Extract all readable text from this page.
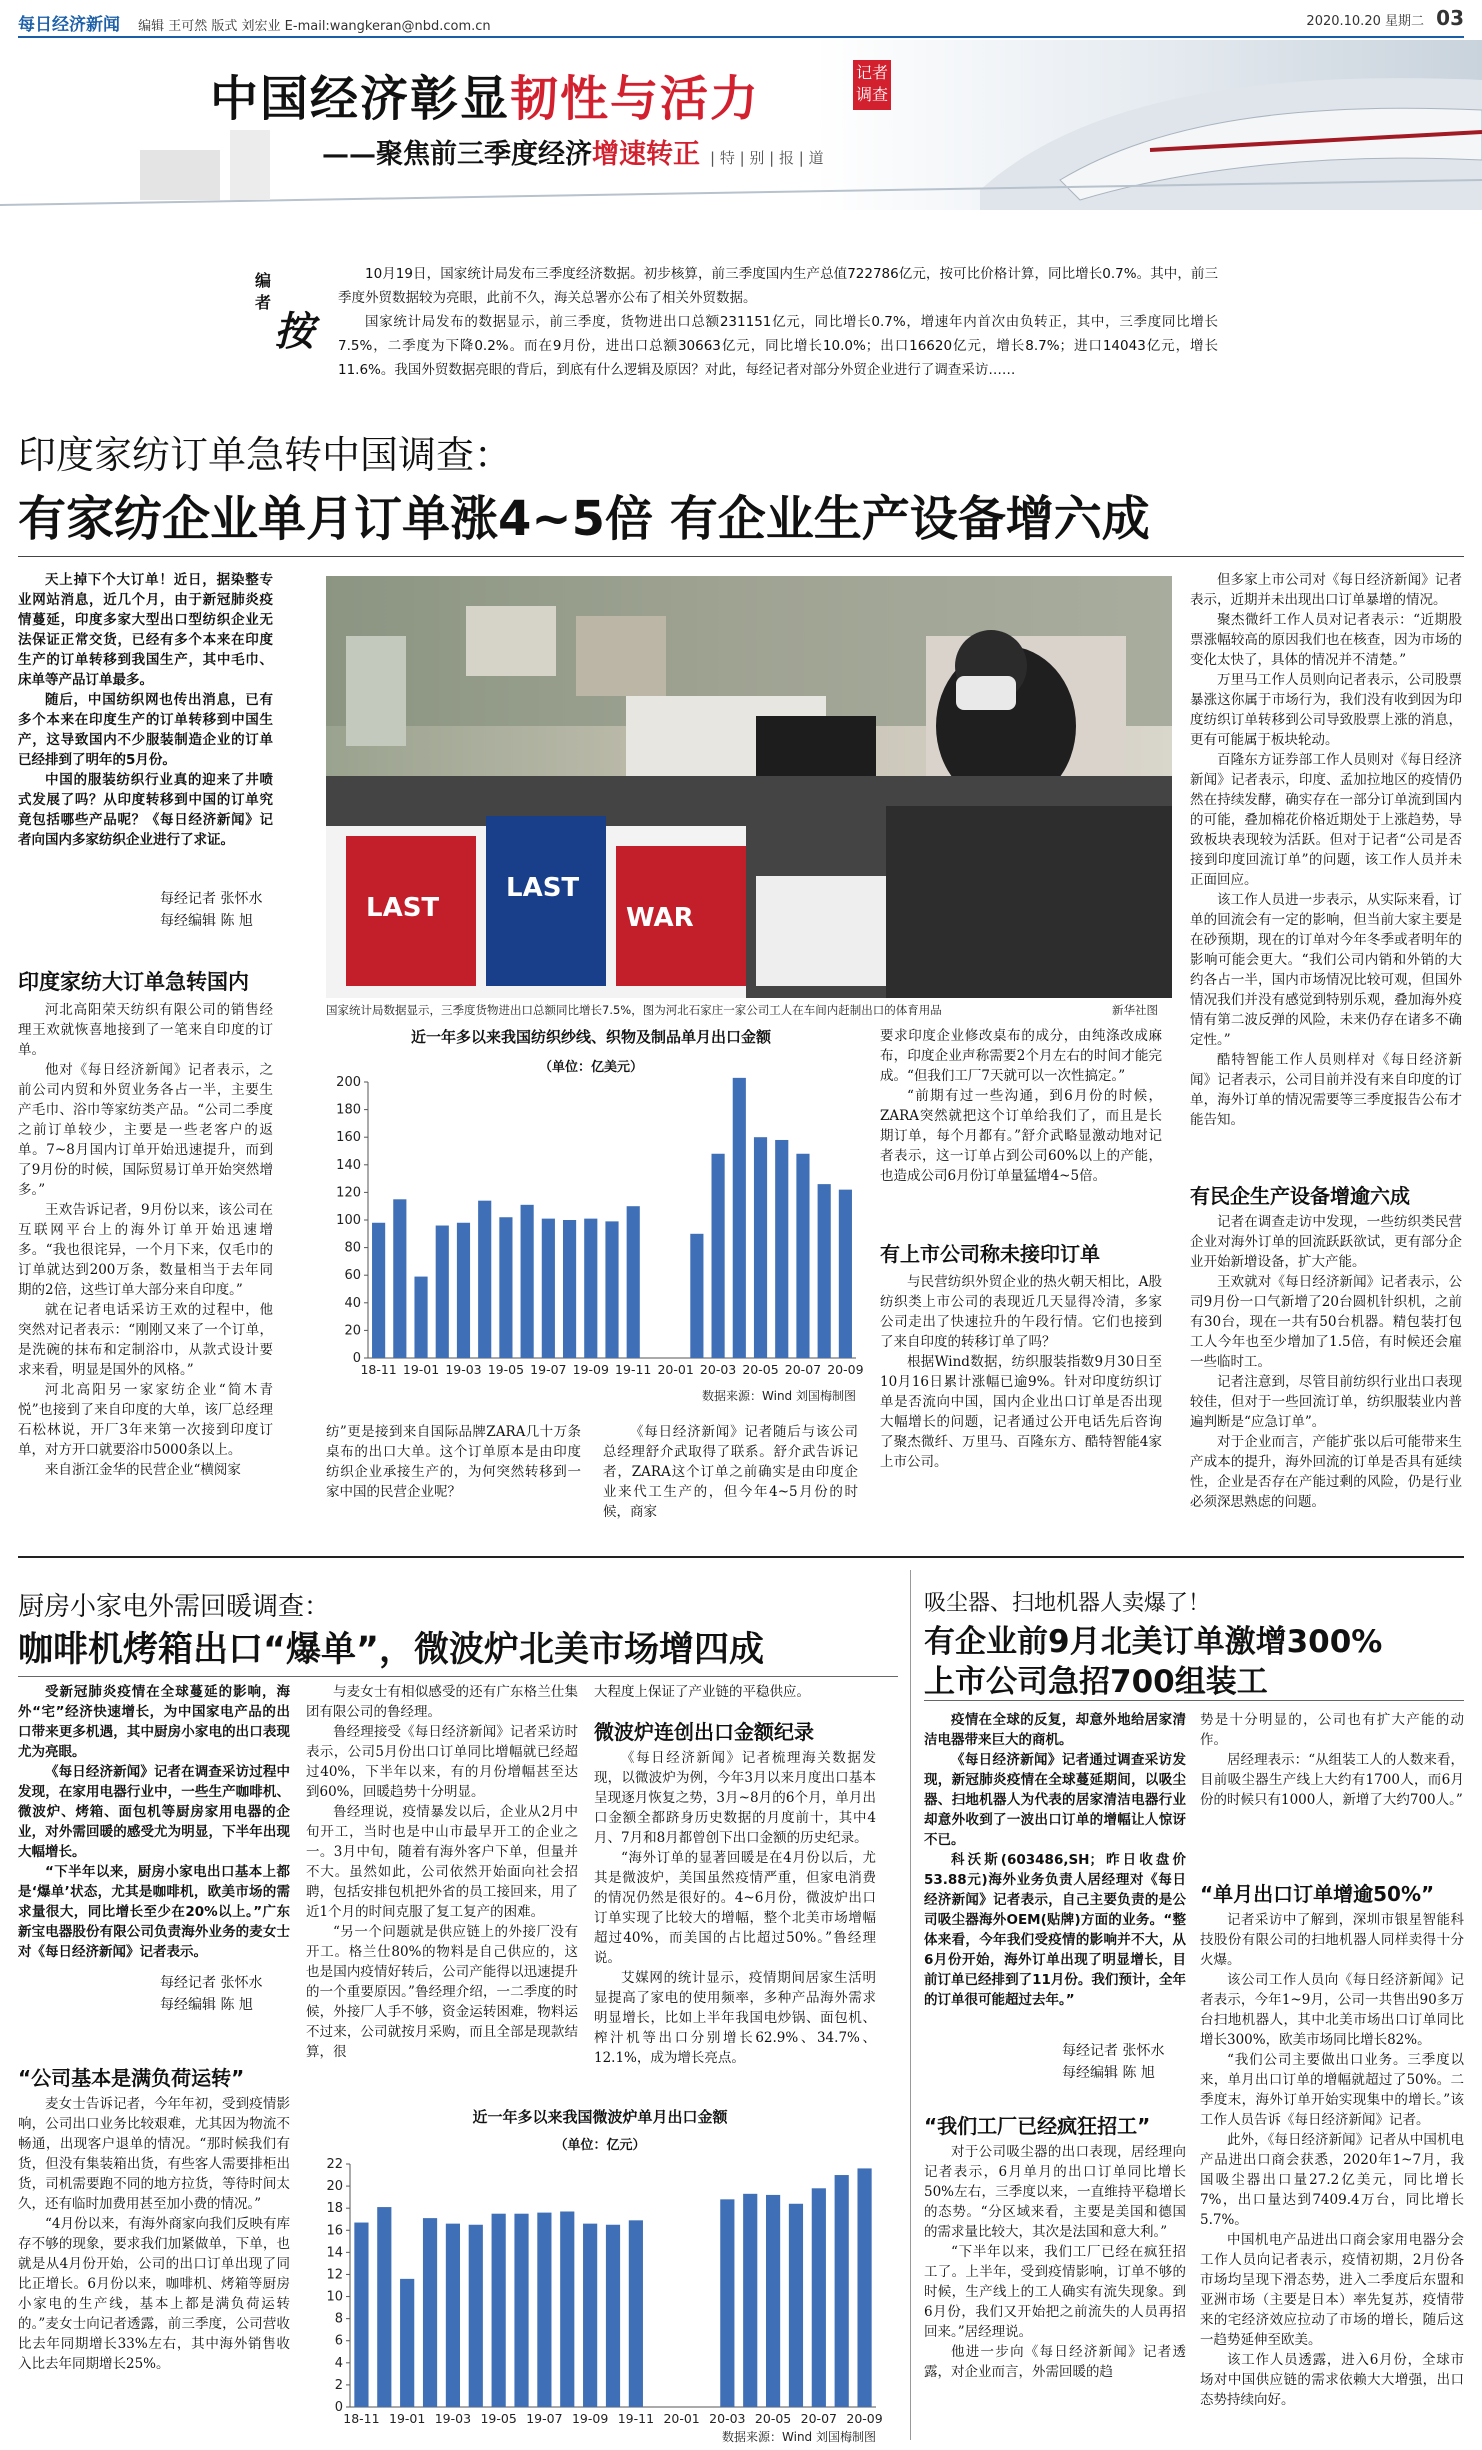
每日经济新闻 编辑 王可然 版式 刘宏业 E-mail:wangkeran@nbd.com.cn	2020.10.20 星期二 03
中国经济彰显韧性与活力	记者
调查
——聚焦前三季度经济增速转正 | 特 | 别 | 报 | 道
编
者
按

10月19日，国家统计局发布三季度经济数据。初步核算，前三季度国内生产总值722786亿元，按可比价格计算，同比增长0.7%。其中，前三季度外贸数据较为亮眼，此前不久，海关总署亦公布了相关外贸数据。

国家统计局发布的数据显示，前三季度，货物进出口总额231151亿元，同比增长0.7%，增速年内首次由负转正，其中，三季度同比增长7.5%，二季度为下降0.2%。而在9月份，进出口总额30663亿元，同比增长10.0%；出口16620亿元，增长8.7%；进口14043亿元，增长11.6%。我国外贸数据亮眼的背后，到底有什么逻辑及原因？对此，每经记者对部分外贸企业进行了调查采访……

印度家纺订单急转中国调查：
有家纺企业单月订单涨4~5倍 有企业生产设备增六成

天上掉下个大订单！近日，据染整专业网站消息，近几个月，由于新冠肺炎疫情蔓延，印度多家大型出口型纺织企业无法保证正常交货，已经有多个本来在印度生产的订单转移到我国生产，其中毛巾、床单等产品订单最多。

随后，中国纺织网也传出消息，已有多个本来在印度生产的订单转移到中国生产，这导致国内不少服装制造企业的订单已经排到了明年的5月份。

中国的服装纺织行业真的迎来了井喷式发展了吗？从印度转移到中国的订单究竟包括哪些产品呢？《每日经济新闻》记者向国内多家纺织企业进行了求证。

每经记者 张怀水
每经编辑 陈 旭
印度家纺大订单急转国内

河北高阳荣天纺织有限公司的销售经理王欢就恢喜地接到了一笔来自印度的订单。

他对《每日经济新闻》记者表示，之前公司内贸和外贸业务各占一半，主要生产毛巾、浴巾等家纺类产品。“公司二季度之前订单较少，主要是一些老客户的返单。7~8月国内订单开始迅速提升，而到了9月份的时候，国际贸易订单开始突然增多。”

王欢告诉记者，9月份以来，该公司在互联网平台上的海外订单开始迅速增多。“我也很诧异，一个月下来，仅毛巾的订单就达到200万条，数量相当于去年同期的2倍，这些订单大部分来自印度。”

就在记者电话采访王欢的过程中，他突然对记者表示：“刚刚又来了一个订单，是洗碗的抹布和定制浴巾，从款式设计要求来看，明显是国外的风格。”

河北高阳另一家家纺企业“简木青悦”也接到了来自印度的大单，该厂总经理石松林说，开厂3年来第一次接到印度订单，对方开口就要浴巾5000条以上。

来自浙江金华的民营企业“横阅家

LAST
LAST
WAR
国家统计局数据显示，三季度货物进出口总额同比增长7.5%，图为河北石家庄一家公司工人在车间内赶制出口的体育用品	新华社图
近一年多以来我国纺织纱线、织物及制品单月出口金额
（单位：亿美元）
0
20
40
60
80
100
120
140
160
180
200
18-11 19-01 19-03 19-05 19-07 19-09 19-11 20-01 20-03 20-05 20-07 20-09
数据来源：Wind 刘国梅制图

纺”更是接到来自国际品牌ZARA几十万条桌布的出口大单。这个订单原本是由印度纺织企业承接生产的，为何突然转移到一家中国的民营企业呢？

《每日经济新闻》记者随后与该公司总经理舒介武取得了联系。舒介武告诉记者，ZARA这个订单之前确实是由印度企业来代工生产的，但今年4~5月份的时候，商家

要求印度企业修改桌布的成分，由纯涤改成麻布，印度企业声称需要2个月左右的时间才能完成。“但我们工厂7天就可以一次性搞定。”

“前期有过一些沟通，到6月份的时候，ZARA突然就把这个订单给我们了，而且是长期订单，每个月都有。”舒介武略显激动地对记者表示，这一订单占到公司60%以上的产能，也造成公司6月份订单量猛增4~5倍。

有上市公司称未接印订单

与民营纺织外贸企业的热火朝天相比，A股纺织类上市公司的表现近几天显得冷清，多家公司走出了快速拉升的午段行情。它们也接到了来自印度的转移订单了吗？

根据Wind数据，纺织服装指数9月30日至10月16日累计涨幅已逾9%。针对印度纺织订单是否流向中国，国内企业出口订单是否出现大幅增长的问题，记者通过公开电话先后咨询了聚杰微纤、万里马、百隆东方、酷特智能4家上市公司。

但多家上市公司对《每日经济新闻》记者表示，近期并未出现出口订单暴增的情况。

聚杰微纤工作人员对记者表示：“近期股票涨幅较高的原因我们也在核查，因为市场的变化太快了，具体的情况并不清楚。”

万里马工作人员则向记者表示，公司股票暴涨这你属于市场行为，我们没有收到因为印度纺织订单转移到公司导致股票上涨的消息，更有可能属于板块轮动。

百隆东方证券部工作人员则对《每日经济新闻》记者表示，印度、孟加拉地区的疫情仍然在持续发酵，确实存在一部分订单流到国内的可能，叠加棉花价格近期处于上涨趋势，导致板块表现较为活跃。但对于记者“公司是否接到印度回流订单”的问题，该工作人员并未正面回应。

该工作人员进一步表示，从实际来看，订单的回流会有一定的影响，但当前大家主要是在砂预期，现在的订单对今年冬季或者明年的影响可能会更大。“我们公司内销和外销的大约各占一半，国内市场情况比较可观，但国外情况我们并没有感觉到特别乐观，叠加海外疫情有第二波反弹的风险，未来仍存在诸多不确定性。”

酷特智能工作人员则样对《每日经济新闻》记者表示，公司目前并没有来自印度的订单，海外订单的情况需要等三季度报告公布才能告知。

有民企生产设备增逾六成

记者在调查走访中发现，一些纺织类民营企业对海外订单的回流跃跃欲试，更有部分企业开始新增设备，扩大产能。

王欢就对《每日经济新闻》记者表示，公司9月份一口气新增了20台圆机针织机，之前有30台，现在一共有50台机器。精包装打包工人今年也至少增加了1.5倍，有时候还会雇一些临时工。

记者注意到，尽管目前纺织行业出口表现较佳，但对于一些回流订单，纺织服装业内普遍判断是“应急订单”。

对于企业而言，产能扩张以后可能带来生产成本的提升，海外回流的订单是否具有延续性，企业是否存在产能过剩的风险，仍是行业必须深思熟虑的问题。

厨房小家电外需回暖调查：
咖啡机烤箱出口“爆单”，微波炉北美市场增四成

受新冠肺炎疫情在全球蔓延的影响，海外“宅”经济快速增长，为中国家电产品的出口带来更多机遇，其中厨房小家电的出口表现尤为亮眼。

《每日经济新闻》记者在调查采访过程中发现，在家用电器行业中，一些生产咖啡机、微波炉、烤箱、面包机等厨房家用电器的企业，对外需回暖的感受尤为明显，下半年出现大幅增长。

“下半年以来，厨房小家电出口基本上都是‘爆单’状态，尤其是咖啡机，欧美市场的需求量很大，同比增长至少在20%以上。”广东新宝电器股份有限公司负责海外业务的麦女士对《每日经济新闻》记者表示。

每经记者 张怀水
每经编辑 陈 旭
“公司基本是满负荷运转”

麦女士告诉记者，今年年初，受到疫情影响，公司出口业务比较艰难，尤其因为物流不畅通，出现客户退单的情况。“那时候我们有货，但没有集装箱出货，有些客人需要排柜出货，司机需要跑不同的地方拉货，等待时间太久，还有临时加费用甚至加小费的情况。”

“4月份以来，有海外商家向我们反映有库存不够的现象，要求我们加紧做单，下单，也就是从4月份开始，公司的出口订单出现了同比正增长。6月份以来，咖啡机、烤箱等厨房小家电的生产线，基本上都是满负荷运转的。”麦女士向记者透露，前三季度，公司营收比去年同期增长33%左右，其中海外销售收入比去年同期增长25%。

与麦女士有相似感受的还有广东格兰仕集团有限公司的鲁经理。

鲁经理接受《每日经济新闻》记者采访时表示，公司5月份出口订单同比增幅就已经超过40%，下半年以来，有的月份增幅甚至达到60%，回暖趋势十分明显。

鲁经理说，疫情暴发以后，企业从2月中旬开工，当时也是中山市最早开工的企业之一。3月中旬，随着有海外客户下单，但量并不大。虽然如此，公司依然开始面向社会招聘，包括安排包机把外省的员工接回来，用了近1个月的时间克服了复工复产的困难。

“另一个问题就是供应链上的外接厂没有开工。格兰仕80%的物料是自己供应的，这也是国内疫情好转后，公司产能得以迅速提升的一个重要原因。”鲁经理介绍，一二季度的时候，外接厂人手不够，资金运转困难，物料运不过来，公司就按月采购，而且全部是现款结算，很

大程度上保证了产业链的平稳供应。

微波炉连创出口金额纪录

《每日经济新闻》记者梳理海关数据发现，以微波炉为例，今年3月以来月度出口基本呈现逐月恢复之势，3月~8月的6个月，单月出口金额全都跻身历史数据的月度前十，其中4月、7月和8月都曾创下出口金额的历史纪录。

“海外订单的显著回暖是在4月份以后，尤其是微波炉，美国虽然疫情严重，但家电消费的情况仍然是很好的。4~6月份，微波炉出口订单实现了比较大的增幅，整个北美市场增幅超过40%，而美国的占比超过50%。”鲁经理说。

艾媒网的统计显示，疫情期间居家生活明显提高了家电的使用频率，多种产品海外需求明显增长，比如上半年我国电炒锅、面包机、榨汁机等出口分别增长62.9%、34.7%、12.1%，成为增长亮点。

近一年多以来我国微波炉单月出口金额
（单位：亿元）
0
2
4
6
8
10
12
14
16
18
20
22
18-11 19-01 19-03 19-05 19-07 19-09 19-11 20-01 20-03 20-05 20-07 20-09
数据来源：Wind 刘国梅制图
吸尘器、扫地机器人卖爆了！
有企业前9月北美订单激增300%
上市公司急招700组装工

疫情在全球的反复，却意外地给居家清洁电器带来巨大的商机。

《每日经济新闻》记者通过调查采访发现，新冠肺炎疫情在全球蔓延期间，以吸尘器、扫地机器人为代表的居家清洁电器行业却意外收到了一波出口订单的增幅让人惊讶不已。

科沃斯(603486,SH；昨日收盘价53.88元)海外业务负责人居经理对《每日经济新闻》记者表示，自己主要负责的是公司吸尘器海外OEM(贴牌)方面的业务。“整体来看，今年我们受疫情的影响并不大，从6月份开始，海外订单出现了明显增长，目前订单已经排到了11月份。我们预计，全年的订单很可能超过去年。”

每经记者 张怀水
每经编辑 陈 旭
“我们工厂已经疯狂招工”

对于公司吸尘器的出口表现，居经理向记者表示，6月单月的出口订单同比增长50%左右，三季度以来，一直维持平稳增长的态势。“分区域来看，主要是美国和德国的需求量比较大，其次是法国和意大利。”

“下半年以来，我们工厂已经在疯狂招工了。上半年，受到疫情影响，订单不够的时候，生产线上的工人确实有流失现象。到6月份，我们又开始把之前流失的人员再招回来。”居经理说。

他进一步向《每日经济新闻》记者透露，对企业而言，外需回暖的趋

势是十分明显的，公司也有扩大产能的动作。

居经理表示：“从组装工人的人数来看，目前吸尘器生产线上大约有1700人，而6月份的时候只有1000人，新增了大约700人。”

“单月出口订单增逾50%”

记者采访中了解到，深圳市银星智能科技股份有限公司的扫地机器人同样卖得十分火爆。

该公司工作人员向《每日经济新闻》记者表示，今年1~9月，公司一共售出90多万台扫地机器人，其中北美市场出口订单同比增长300%，欧美市场同比增长82%。

“我们公司主要做出口业务。三季度以来，单月出口订单的增幅就超过了50%。二季度末，海外订单开始实现集中的增长。”该工作人员告诉《每日经济新闻》记者。

此外，《每日经济新闻》记者从中国机电产品进出口商会获悉，2020年1~7月，我国吸尘器出口量27.2亿美元，同比增长7%，出口量达到7409.4万台，同比增长5.7%。

中国机电产品进出口商会家用电器分会工作人员向记者表示，疫情初期，2月份各市场均呈现下滑态势，进入二季度后东盟和亚洲市场（主要是日本）率先复苏，疫情带来的宅经济效应拉动了市场的增长，随后这一趋势延伸至欧美。

该工作人员透露，进入6月份，全球市场对中国供应链的需求依赖大大增强，出口态势持续向好。
